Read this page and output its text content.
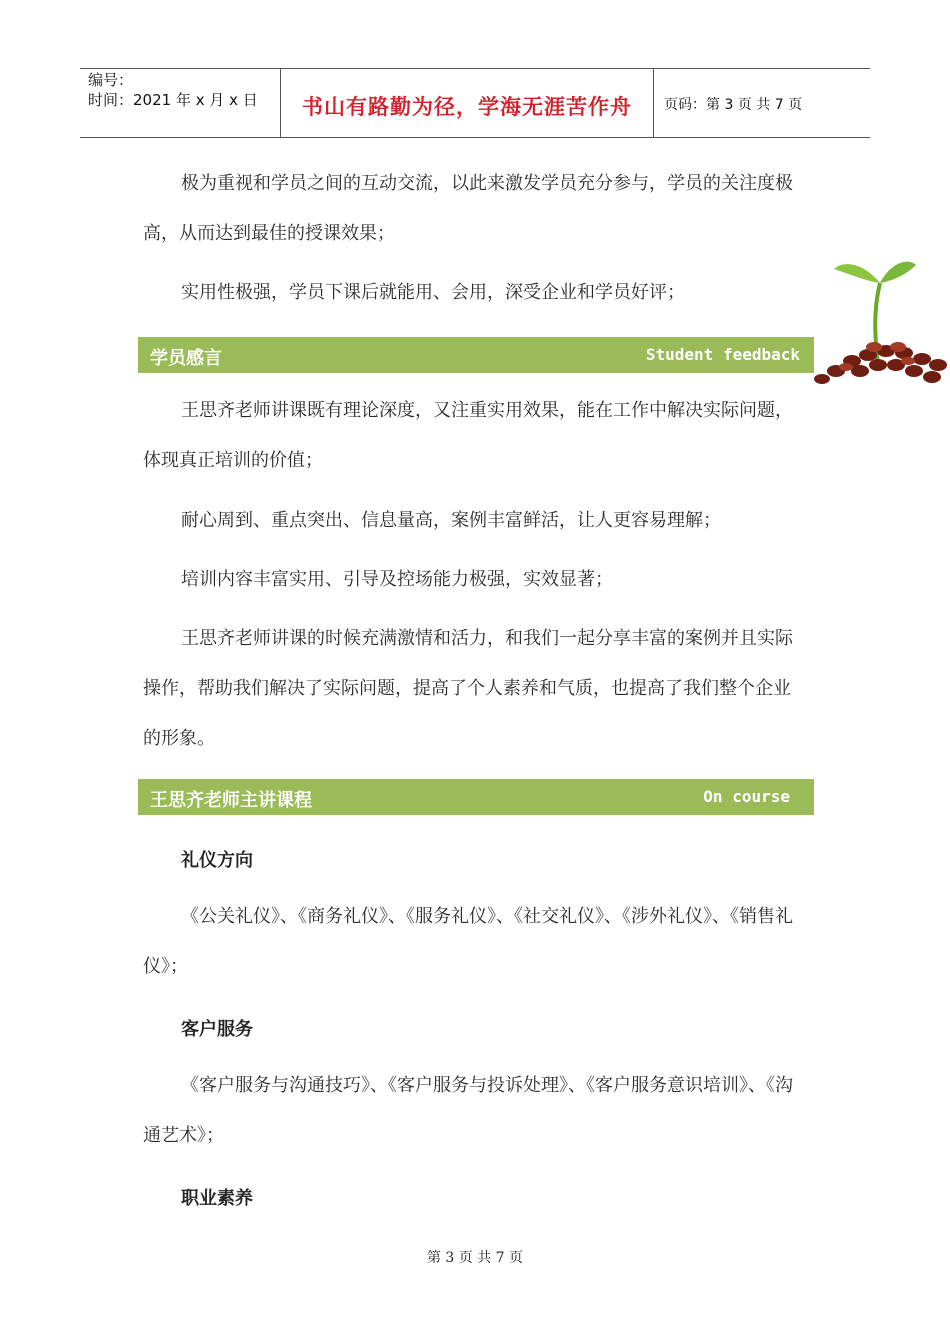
编号：
时间：2021 年 x 月 x 日	书山有路勤为径，学海无涯苦作舟	页码：第 3 页 共 7 页

极为重视和学员之间的互动交流，以此来激发学员充分参与，学员的关注度极高，从而达到最佳的授课效果；

实用性极强，学员下课后就能用、会用，深受企业和学员好评；

学员感言	Student feedback

王思齐老师讲课既有理论深度，又注重实用效果，能在工作中解决实际问题，体现真正培训的价值；

耐心周到、重点突出、信息量高，案例丰富鲜活，让人更容易理解；

培训内容丰富实用、引导及控场能力极强，实效显著；

王思齐老师讲课的时候充满激情和活力，和我们一起分享丰富的案例并且实际操作，帮助我们解决了实际问题，提高了个人素养和气质，也提高了我们整个企业的形象。

王思齐老师主讲课程	On course
礼仪方向

《公关礼仪》、《商务礼仪》、《服务礼仪》、《社交礼仪》、《涉外礼仪》、《销售礼仪》；

客户服务

《客户服务与沟通技巧》、《客户服务与投诉处理》、《客户服务意识培训》、《沟通艺术》；

职业素养
第 3 页 共 7 页
